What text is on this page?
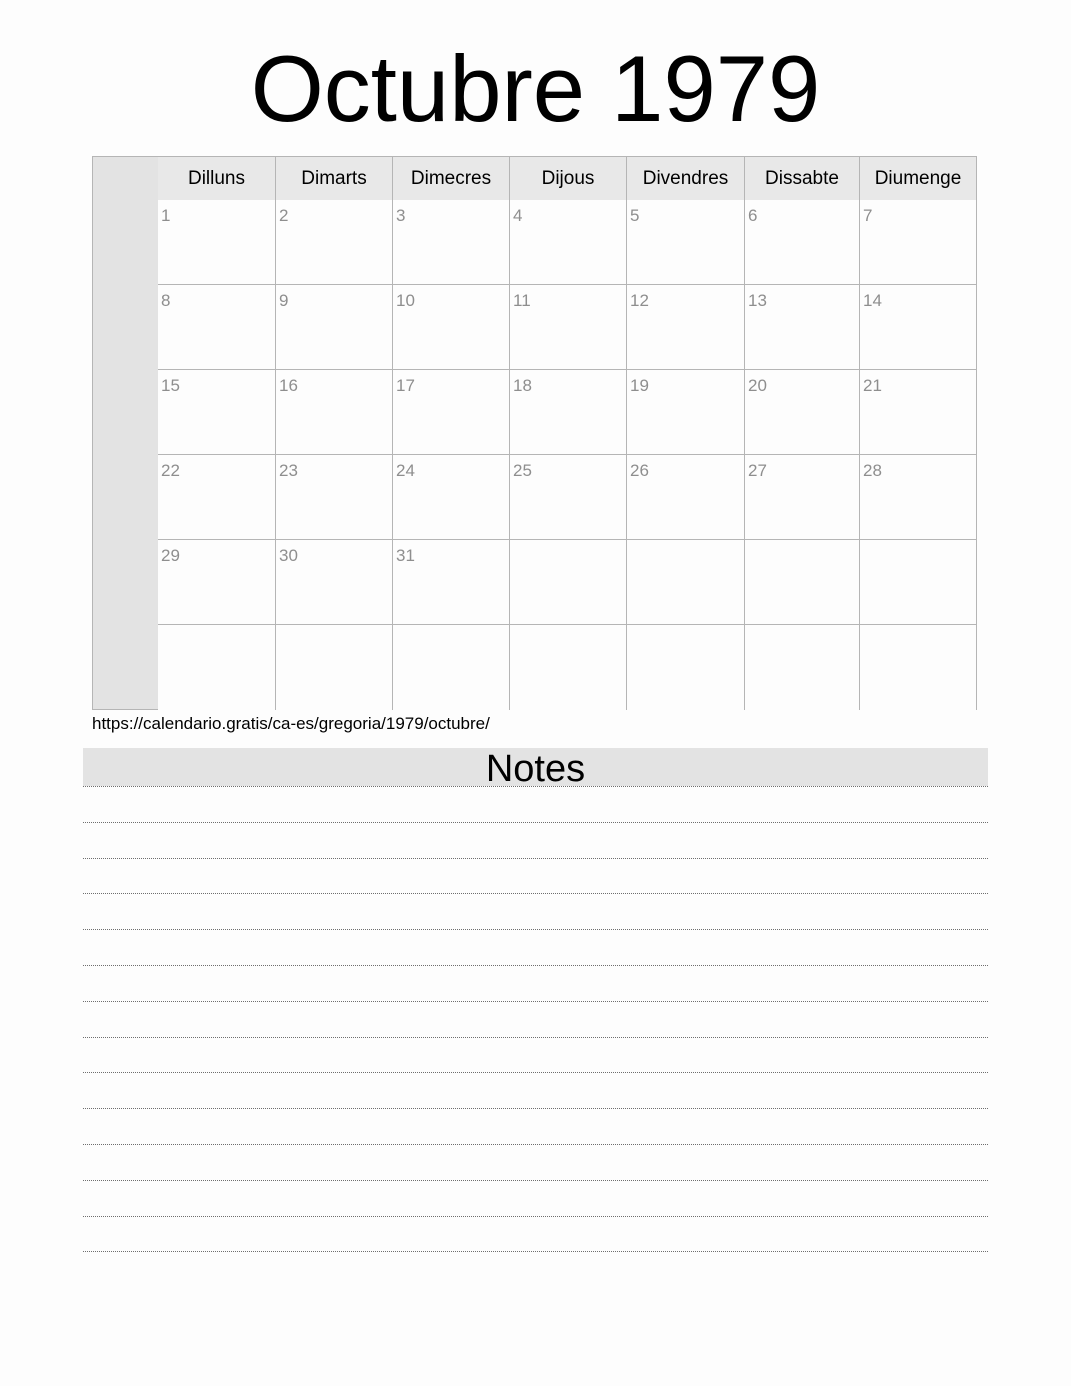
Octubre 1979
Dilluns	Dimarts	Dimecres	Dijous	Divendres	Dissabte	Diumenge
1	2	3	4	5	6	7
8	9	10	11	12	13	14
15	16	17	18	19	20	21
22	23	24	25	26	27	28
29	30	31
https://calendario.gratis/ca-es/gregoria/1979/octubre/
Notes
